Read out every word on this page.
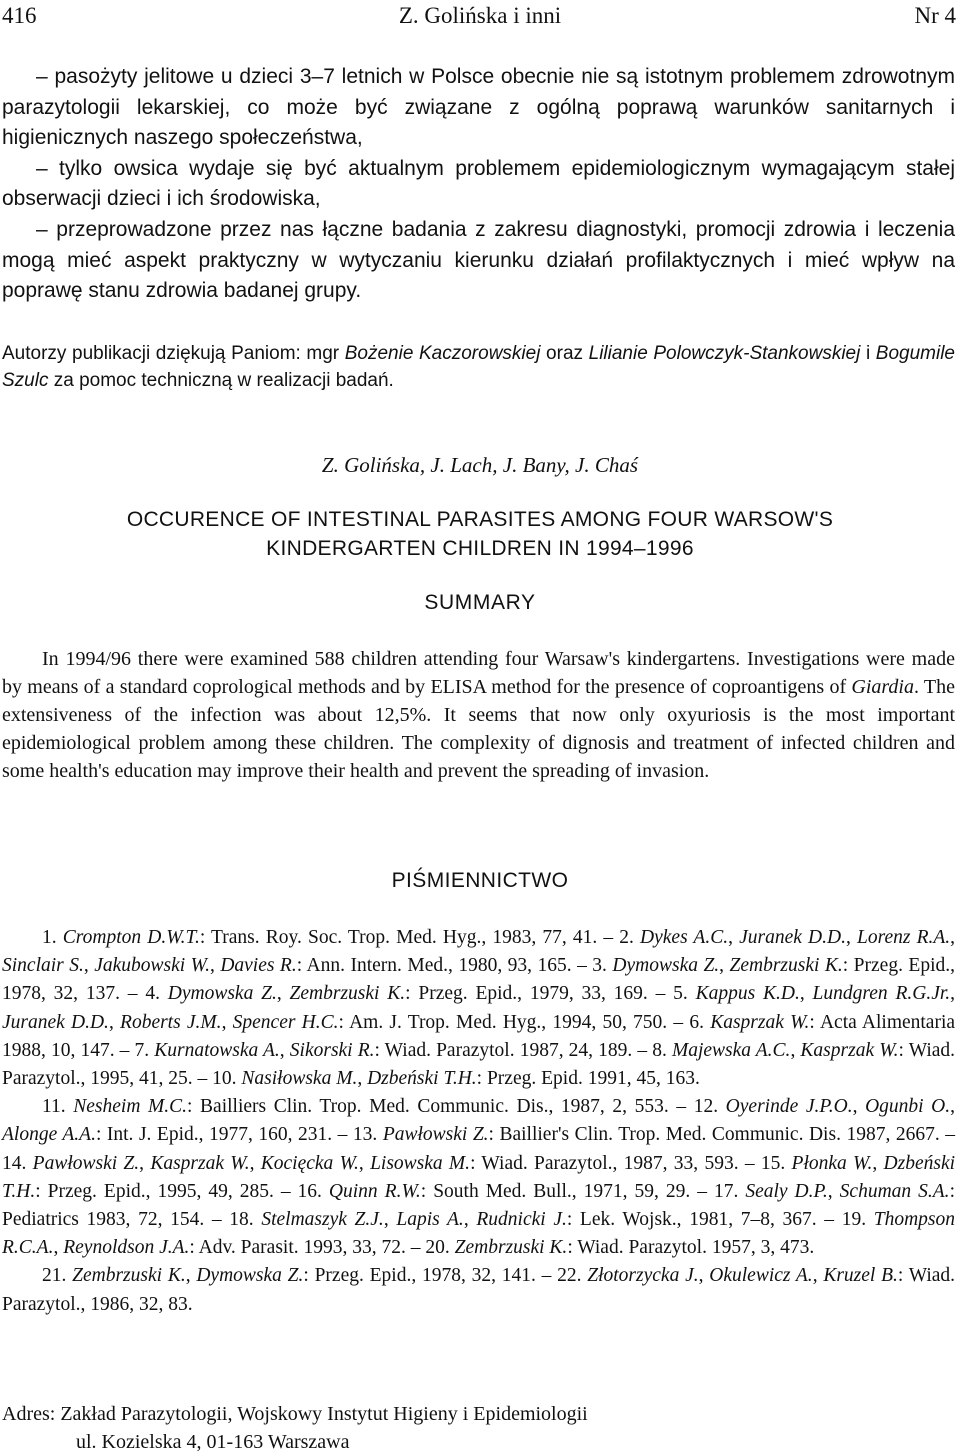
416	Z. Golińska i inni	Nr 4

– pasożyty jelitowe u dzieci 3–7 letnich w Polsce obecnie nie są istotnym problemem zdrowotnym parazytologii lekarskiej, co może być związane z ogólną poprawą warunków sanitarnych i higienicznych naszego społeczeństwa,

– tylko owsica wydaje się być aktualnym problemem epidemiologicznym wymagającym stałej obserwacji dzieci i ich środowiska,

– przeprowadzone przez nas łączne badania z zakresu diagnostyki, promocji zdrowia i leczenia mogą mieć aspekt praktyczny w wytyczaniu kierunku działań profilaktycznych i mieć wpływ na poprawę stanu zdrowia badanej grupy.

Autorzy publikacji dziękują Paniom: mgr Bożenie Kaczorowskiej oraz Lilianie Polowczyk-Stankowskiej i Bogumile Szulc za pomoc techniczną w realizacji badań.
Z. Golińska, J. Lach, J. Bany, J. Chaś
OCCURENCE OF INTESTINAL PARASITES AMONG FOUR WARSOW'S
KINDERGARTEN CHILDREN IN 1994–1996
SUMMARY
In 1994/96 there were examined 588 children attending four Warsaw's kindergartens. Investigations were made by means of a standard coprological methods and by ELISA method for the presence of coproantigens of Giardia. The extensiveness of the infection was about 12,5%. It seems that now only oxyuriosis is the most important epidemiological problem among these children. The complexity of dignosis and treatment of infected children and some health's education may improve their health and prevent the spreading of invasion.
PIŚMIENNICTWO

1. Crompton D.W.T.: Trans. Roy. Soc. Trop. Med. Hyg., 1983, 77, 41. – 2. Dykes A.C., Juranek D.D., Lorenz R.A., Sinclair S., Jakubowski W., Davies R.: Ann. Intern. Med., 1980, 93, 165. – 3. Dymowska Z., Zembrzuski K.: Przeg. Epid., 1978, 32, 137. – 4. Dymowska Z., Zembrzuski K.: Przeg. Epid., 1979, 33, 169. – 5. Kappus K.D., Lundgren R.G.Jr., Juranek D.D., Roberts J.M., Spencer H.C.: Am. J. Trop. Med. Hyg., 1994, 50, 750. – 6. Kasprzak W.: Acta Alimentaria 1988, 10, 147. – 7. Kurnatowska A., Sikorski R.: Wiad. Parazytol. 1987, 24, 189. – 8. Majewska A.C., Kasprzak W.: Wiad. Parazytol., 1995, 41, 25. – 10. Nasiłowska M., Dzbeński T.H.: Przeg. Epid. 1991, 45, 163.

11. Nesheim M.C.: Bailliers Clin. Trop. Med. Communic. Dis., 1987, 2, 553. – 12. Oyerinde J.P.O., Ogunbi O., Alonge A.A.: Int. J. Epid., 1977, 160, 231. – 13. Pawłowski Z.: Baillier's Clin. Trop. Med. Communic. Dis. 1987, 2667. – 14. Pawłowski Z., Kasprzak W., Kocięcka W., Lisowska M.: Wiad. Parazytol., 1987, 33, 593. – 15. Płonka W., Dzbeński T.H.: Przeg. Epid., 1995, 49, 285. – 16. Quinn R.W.: South Med. Bull., 1971, 59, 29. – 17. Sealy D.P., Schuman S.A.: Pediatrics 1983, 72, 154. – 18. Stelmaszyk Z.J., Lapis A., Rudnicki J.: Lek. Wojsk., 1981, 7–8, 367. – 19. Thompson R.C.A., Reynoldson J.A.: Adv. Parasit. 1993, 33, 72. – 20. Zembrzuski K.: Wiad. Parazytol. 1957, 3, 473.

21. Zembrzuski K., Dymowska Z.: Przeg. Epid., 1978, 32, 141. – 22. Złotorzycka J., Okulewicz A., Kruzel B.: Wiad. Parazytol., 1986, 32, 83.

Adres: Zakład Parazytologii, Wojskowy Instytut Higieny i Epidemiologii
ul. Kozielska 4, 01-163 Warszawa
